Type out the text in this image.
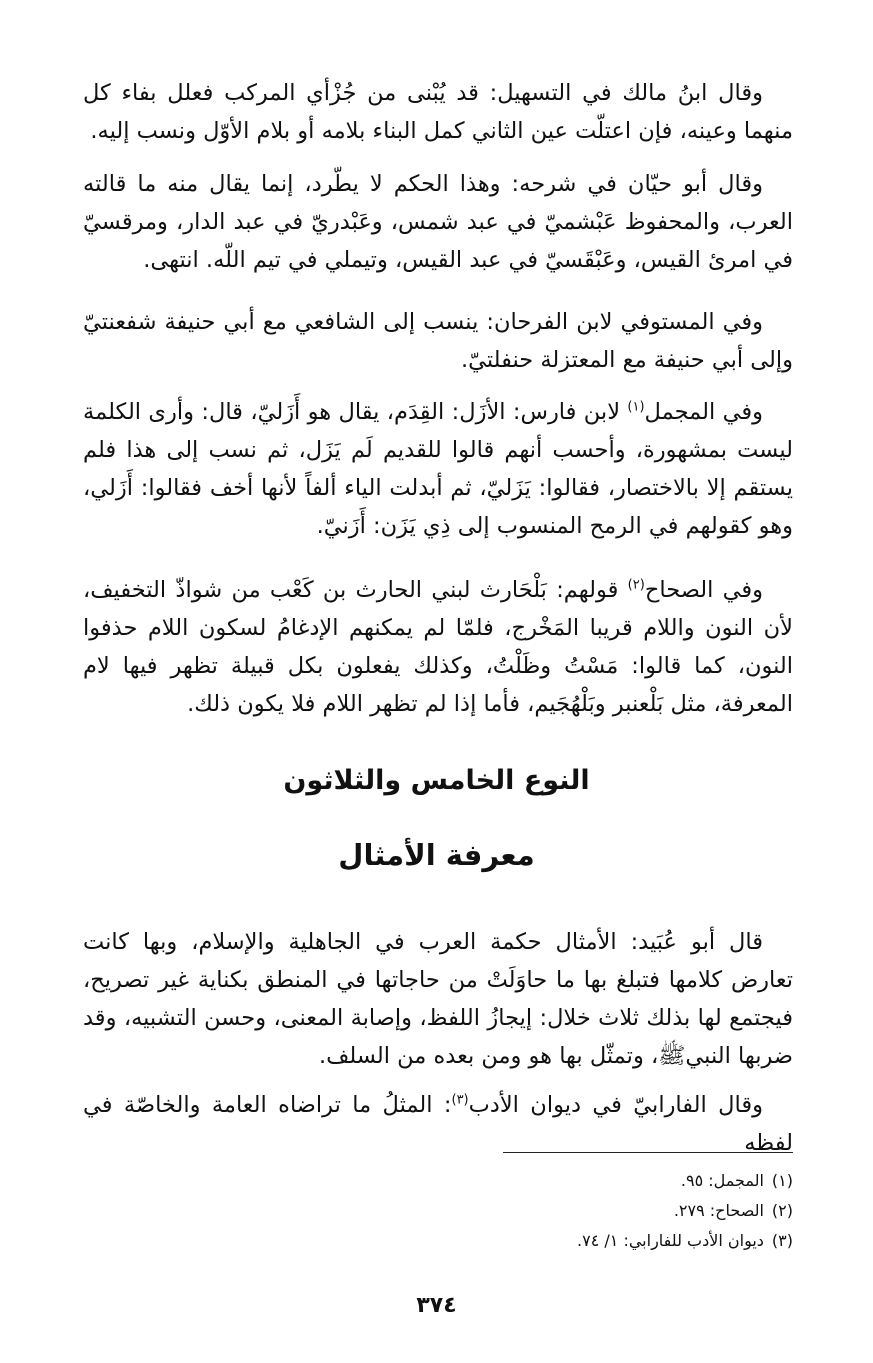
وقال ابنُ مالك في التسهيل: قد يُبْنى من جُزْأي المركب فعلل بفاء كل منهما وعينه، فإن اعتلّت عين الثاني كمل البناء بلامه أو بلام الأوّل ونسب إليه.

وقال أبو حيّان في شرحه: وهذا الحكم لا يطّرد، إنما يقال منه ما قالته العرب، والمحفوظ عَبْشميّ في عبد شمس، وعَبْدريّ في عبد الدار، ومرقسيّ في امرئ القيس، وعَبْقَسيّ في عبد القيس، وتيملي في تيم اللّه. انتهى.

وفي المستوفي لابن الفرحان: ينسب إلى الشافعي مع أبي حنيفة شفعنتيّ وإلى أبي حنيفة مع المعتزلة حنفلتيّ.

وفي المجمل$^{(١)}$ لابن فارس: الأزَل: القِدَم، يقال هو أَزَليّ، قال: وأرى الكلمة ليست بمشهورة، وأحسب أنهم قالوا للقديم لَم يَزَل، ثم نسب إلى هذا فلم يستقم إلا بالاختصار، فقالوا: يَزَليّ، ثم أبدلت الياء ألفاً لأنها أخف فقالوا: أَزَلي، وهو كقولهم في الرمح المنسوب إلى ذِي يَزَن: أَزَنيّ.

وفي الصحاح$^{(٢)}$ قولهم: بَلْحَارث لبني الحارث بن كَعْب من شواذّ التخفيف، لأن النون واللام قريبا المَخْرج، فلمّا لم يمكنهم الإدغامُ لسكون اللام حذفوا النون، كما قالوا: مَسْتُ وظَلْتُ، وكذلك يفعلون بكل قبيلة تظهر فيها لام المعرفة، مثل بَلْعنبر وبَلْهُجَيم، فأما إذا لم تظهر اللام فلا يكون ذلك.

النوع الخامس والثلاثون
معرفة الأمثال

قال أبو عُبَيد: الأمثال حكمة العرب في الجاهلية والإسلام، وبها كانت تعارض كلامها فتبلغ بها ما حاوَلَتْ من حاجاتها في المنطق بكناية غير تصريح، فيجتمع لها بذلك ثلاث خلال: إيجازُ اللفظ، وإصابة المعنى، وحسن التشبيه، وقد ضربها النبيﷺ، وتمثّل بها هو ومن بعده من السلف.

وقال الفارابيّ في ديوان الأدب$^{(٣)}$: المثلُ ما تراضاه العامة والخاصّة في لفظه

(١)المجمل: ٩٥.
(٢)الصحاح: ٢٧٩.
(٣)ديوان الأدب للفارابي: ١/ ٧٤.
٣٧٤
